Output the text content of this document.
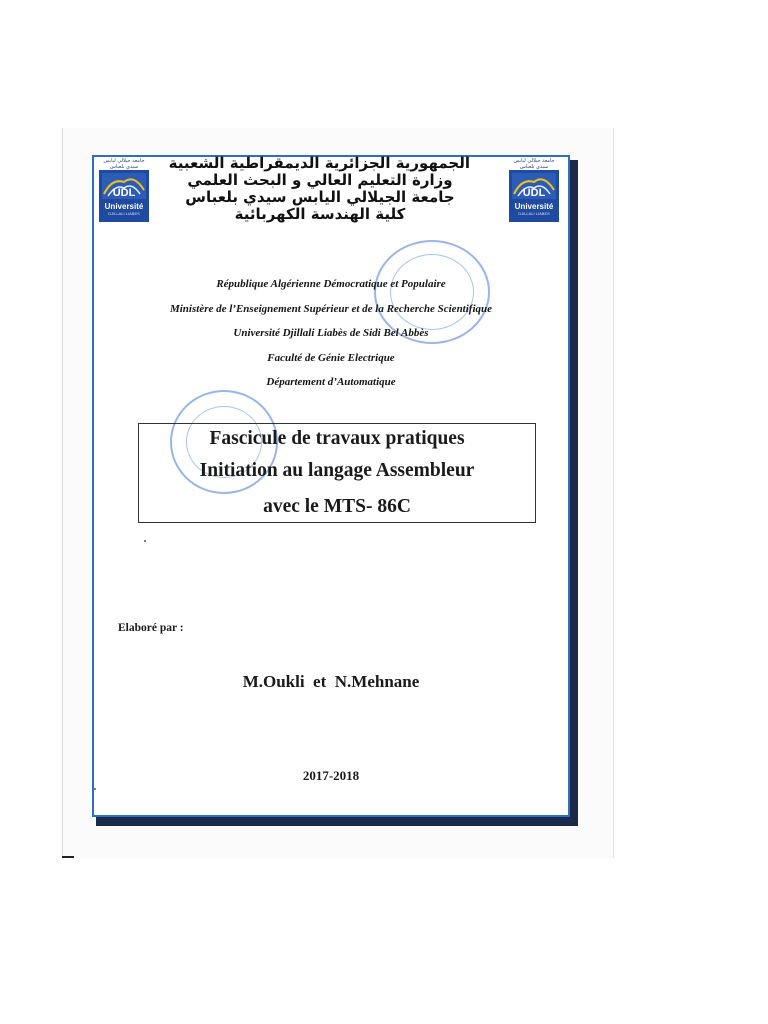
جامعة جيلالي ليابس سيدي بلعباس
UDL
Université
DJILLALI LIABES
جامعة جيلالي ليابس سيدي بلعباس
UDL
Université
DJILLALI LIABES
الجمهورية الجزائرية الديمقراطية الشعبية
وزارة التعليم العالي و البحث العلمي
جامعة الجيلالي اليابس سيدي بلعباس
كلية الهندسة الكهربائية
République Algérienne Démocratique et Populaire
Ministère de l’Enseignement Supérieur et de la Recherche Scientifique
Université Djillali Liabès de Sidi Bel Abbès
Faculté de Génie Electrique
Département d’Automatique
Fascicule de travaux pratiques
Initiation au langage Assembleur
avec le MTS- 86C
Elaboré par :
M.Oukli  et  N.Mehnane
2017-2018
